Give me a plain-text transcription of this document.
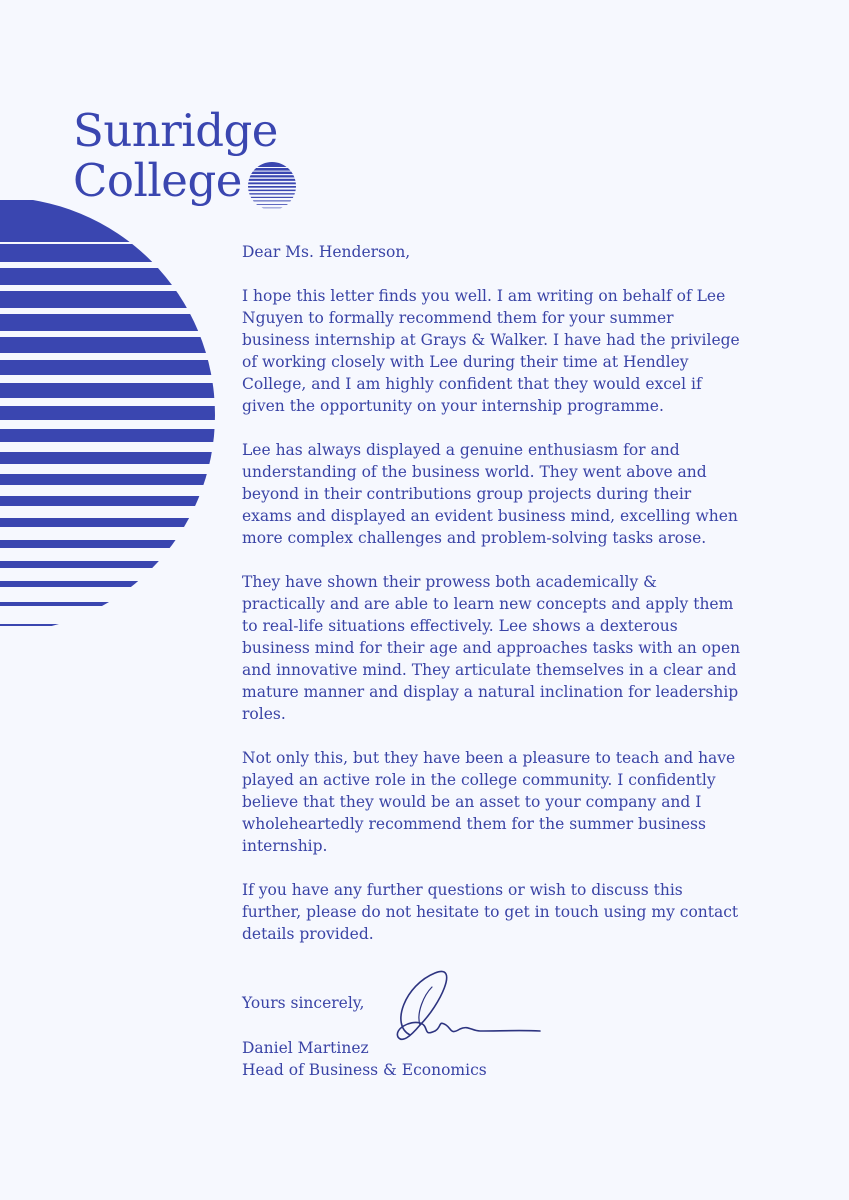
Sunridge
College

Dear Ms. Henderson,

I hope this letter finds you well. I am writing on behalf of Lee Nguyen to formally recommend them for your summer business internship at Grays & Walker. I have had the privilege of working closely with Lee during their time at Hendley College, and I am highly confident that they would excel if given the opportunity on your internship programme.

Lee has always displayed a genuine enthusiasm for and understanding of the business world. They went above and beyond in their contributions group projects during their exams and displayed an evident business mind, excelling when more complex challenges and problem-solving tasks arose.

They have shown their prowess both academically & practically and are able to learn new concepts and apply them to real-life situations effectively. Lee shows a dexterous business mind for their age and approaches tasks with an open and innovative mind. They articulate themselves in a clear and mature manner and display a natural inclination for leadership roles.

Not only this, but they have been a pleasure to teach and have played an active role in the college community. I confidently believe that they would be an asset to your company and I wholeheartedly recommend them for the summer business internship.

If you have any further questions or wish to discuss this further, please do not hesitate to get in touch using my contact details provided.

Yours sincerely,
Daniel Martinez
Head of Business & Economics
